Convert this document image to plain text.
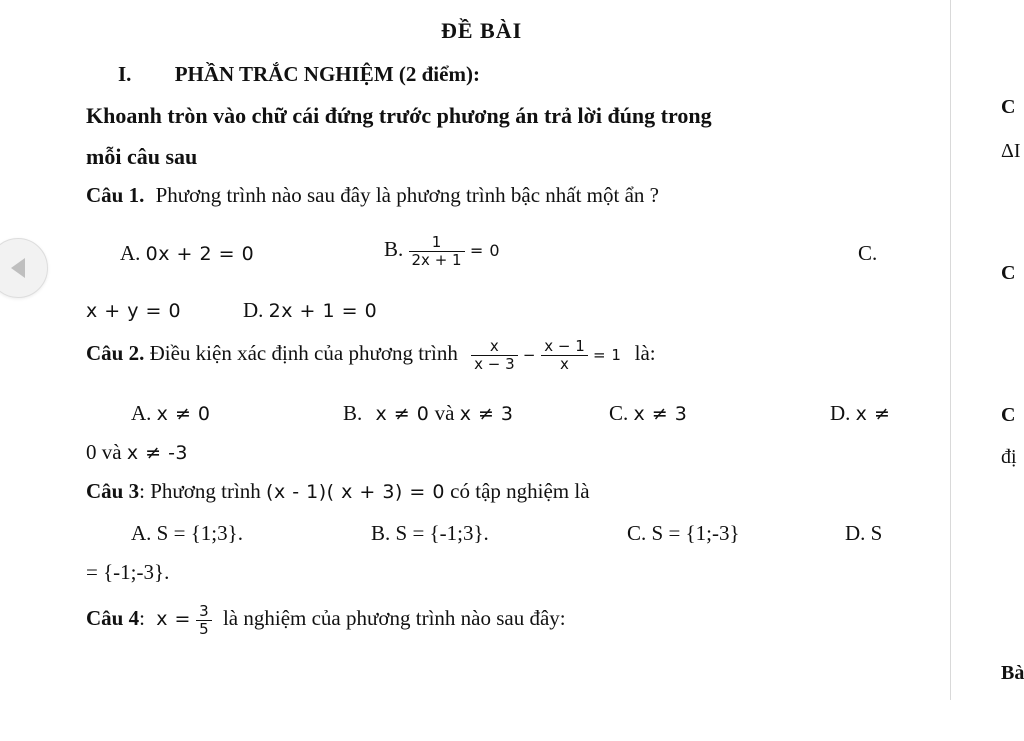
ĐỀ BÀI
I. PHẦN TRẮC NGHIỆM (2 điểm):
Khoanh tròn vào chữ cái đứng trước phương án trả lời đúng trong
mỗi câu sau
Câu 1. Phương trình nào sau đây là phương trình bậc nhất một ẩn ?
A. 0x + 2 = 0	B. $\frac{1}{2x + 1} = 0$	C.
x + y = 0	D. 2x + 1 = 0
Câu 2. Điều kiện xác định của phương trình $\frac{x}{x - 3} - \frac{x - 1}{x} = 1$ là:
A. x ≠ 0	B. x ≠ 0 và x ≠ 3	C. x ≠ 3	D. x ≠
0 và x ≠ -3
Câu 3: Phương trình (x - 1)( x + 3) = 0 có tập nghiệm là
A. S = {1;3}.	B. S = {-1;3}.	C. S = {1;-3}	D. S
= {-1;-3}.
Câu 4: $x = \frac{3}{5}$ là nghiệm của phương trình nào sau đây:
C
ΔI
C
C
đị
Bà
